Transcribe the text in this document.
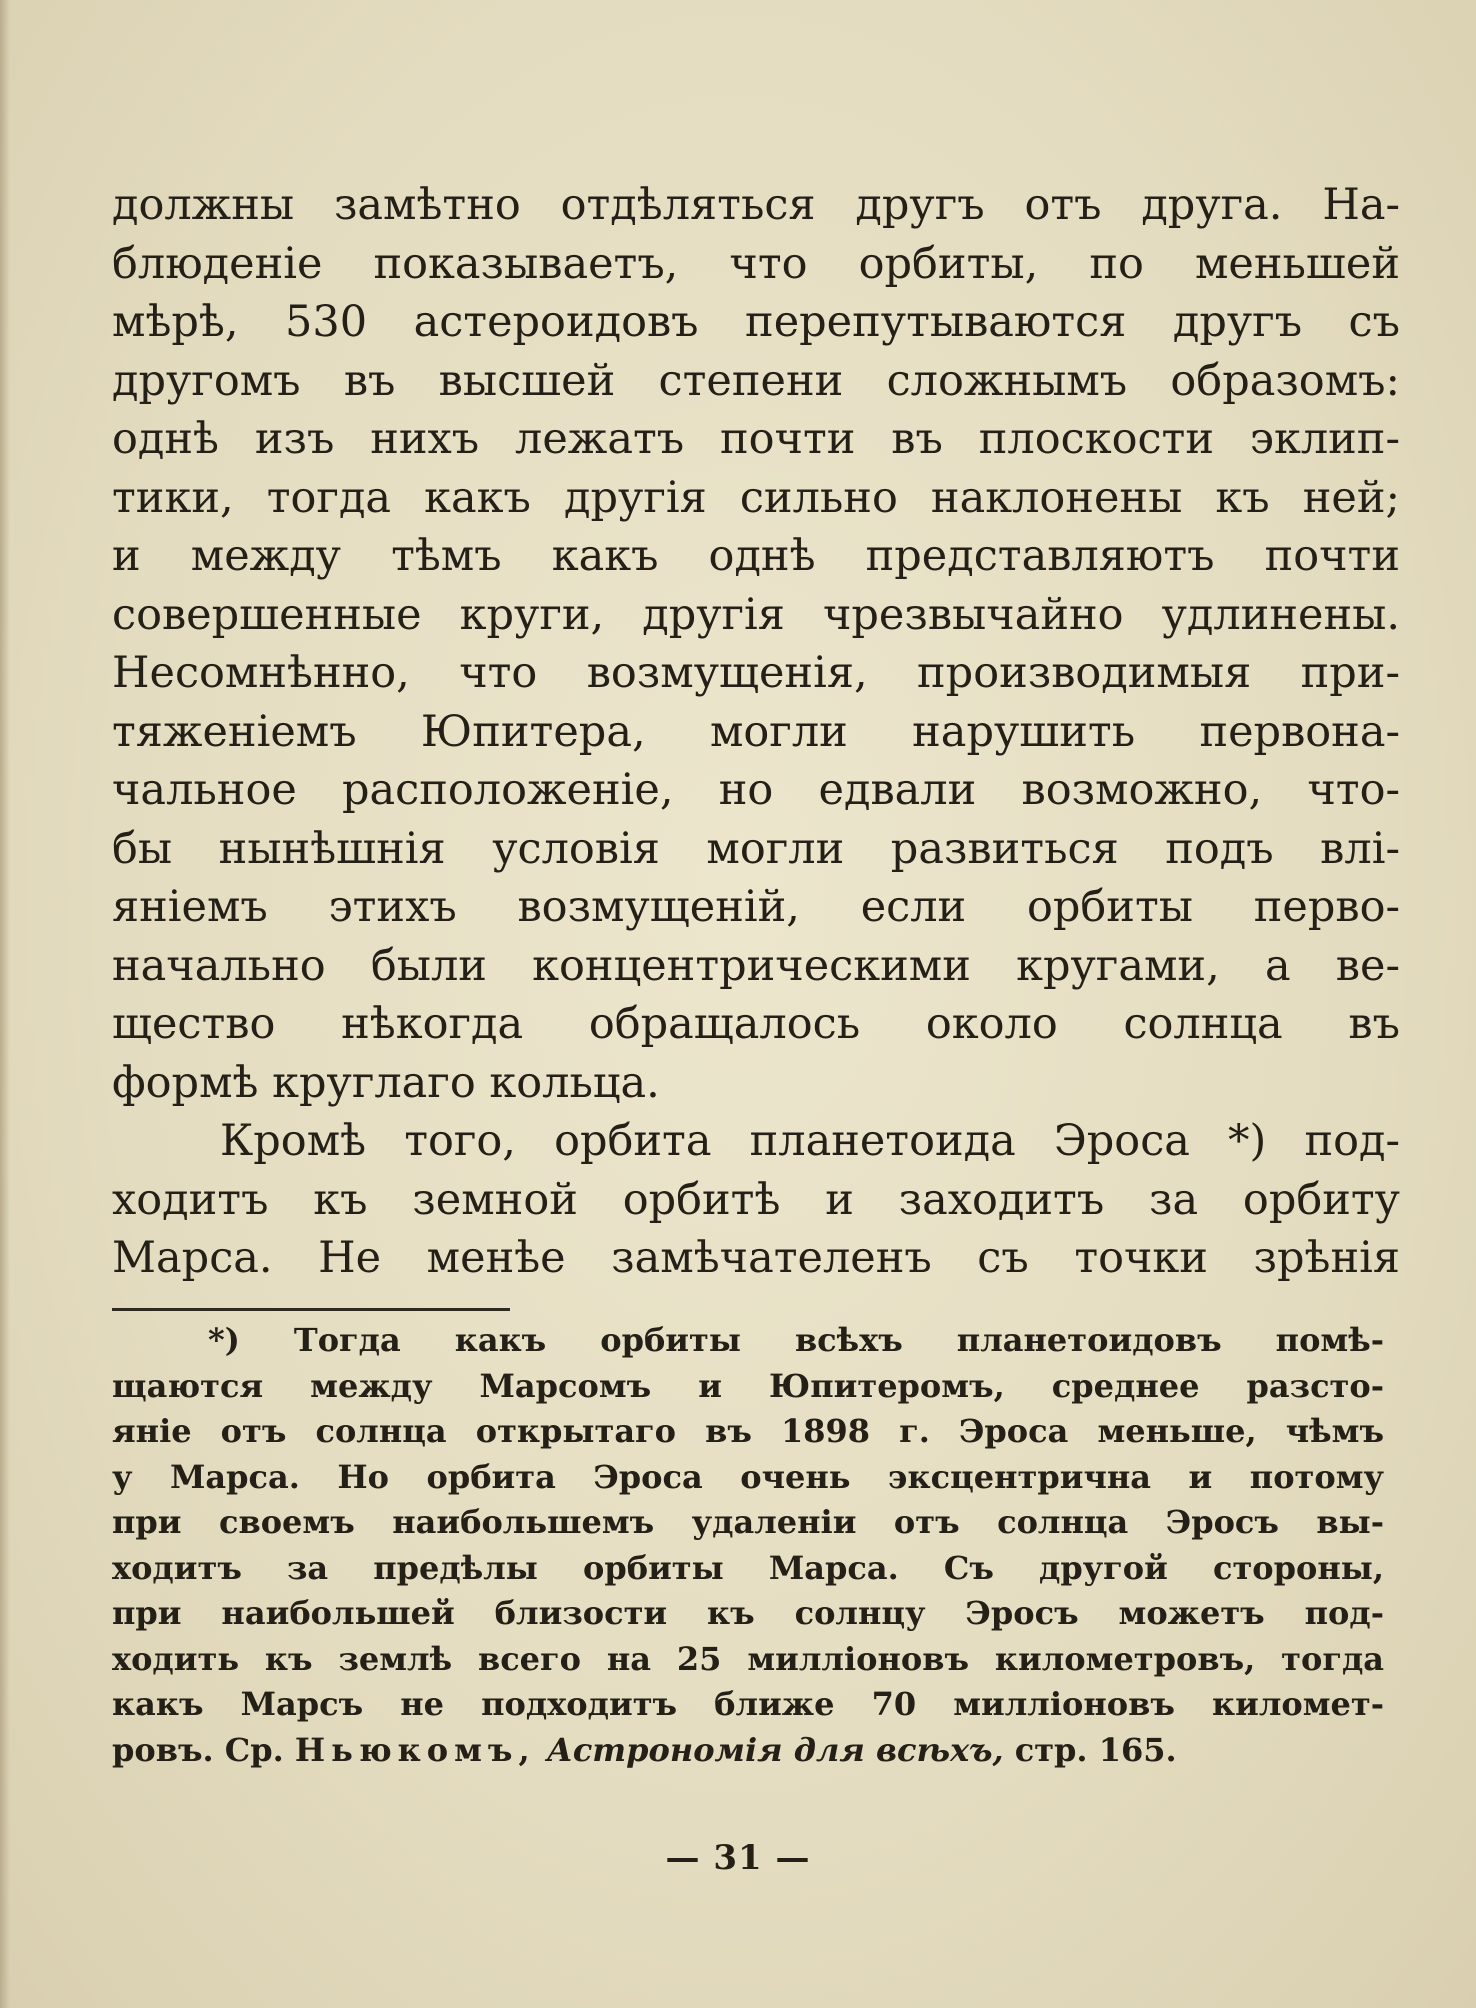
должны замѣтно отдѣляться другъ отъ друга. На-
блюденіе показываетъ, что орбиты, по меньшей
мѣрѣ, 530 астероидовъ перепутываются другъ съ
другомъ въ высшей степени сложнымъ образомъ:
однѣ изъ нихъ лежатъ почти въ плоскости эклип-
тики, тогда какъ другія сильно наклонены къ ней;
и между тѣмъ какъ однѣ представляютъ почти
совершенные круги, другія чрезвычайно удлинены.
Несомнѣнно, что возмущенія, производимыя при-
тяженіемъ Юпитера, могли нарушить первона-
чальное расположеніе, но едвали возможно, что-
бы нынѣшнія условія могли развиться подъ влі-
яніемъ этихъ возмущеній, если орбиты перво-
начально были концентрическими кругами, а ве-
щество нѣкогда обращалось около солнца въ
формѣ круглаго кольца.
Кромѣ того, орбита планетоида Эроса *) под-
ходитъ къ земной орбитѣ и заходитъ за орбиту
Марса. Не менѣе замѣчателенъ съ точки зрѣнія
*) Тогда какъ орбиты всѣхъ планетоидовъ помѣ-
щаются между Марсомъ и Юпитеромъ, среднее разсто-
яніе отъ солнца открытаго въ 1898 г. Эроса меньше, чѣмъ
у Марса. Но орбита Эроса очень эксцентрична и потому
при своемъ наибольшемъ удаленіи отъ солнца Эросъ вы-
ходитъ за предѣлы орбиты Марса. Съ другой стороны,
при наибольшей близости къ солнцу Эросъ можетъ под-
ходить къ землѣ всего на 25 милліоновъ километровъ, тогда
какъ Марсъ не подходитъ ближе 70 милліоновъ километ-
ровъ. Ср. Ньюкомъ, Астрономія для всѣхъ, стр. 165.
— 31 —
